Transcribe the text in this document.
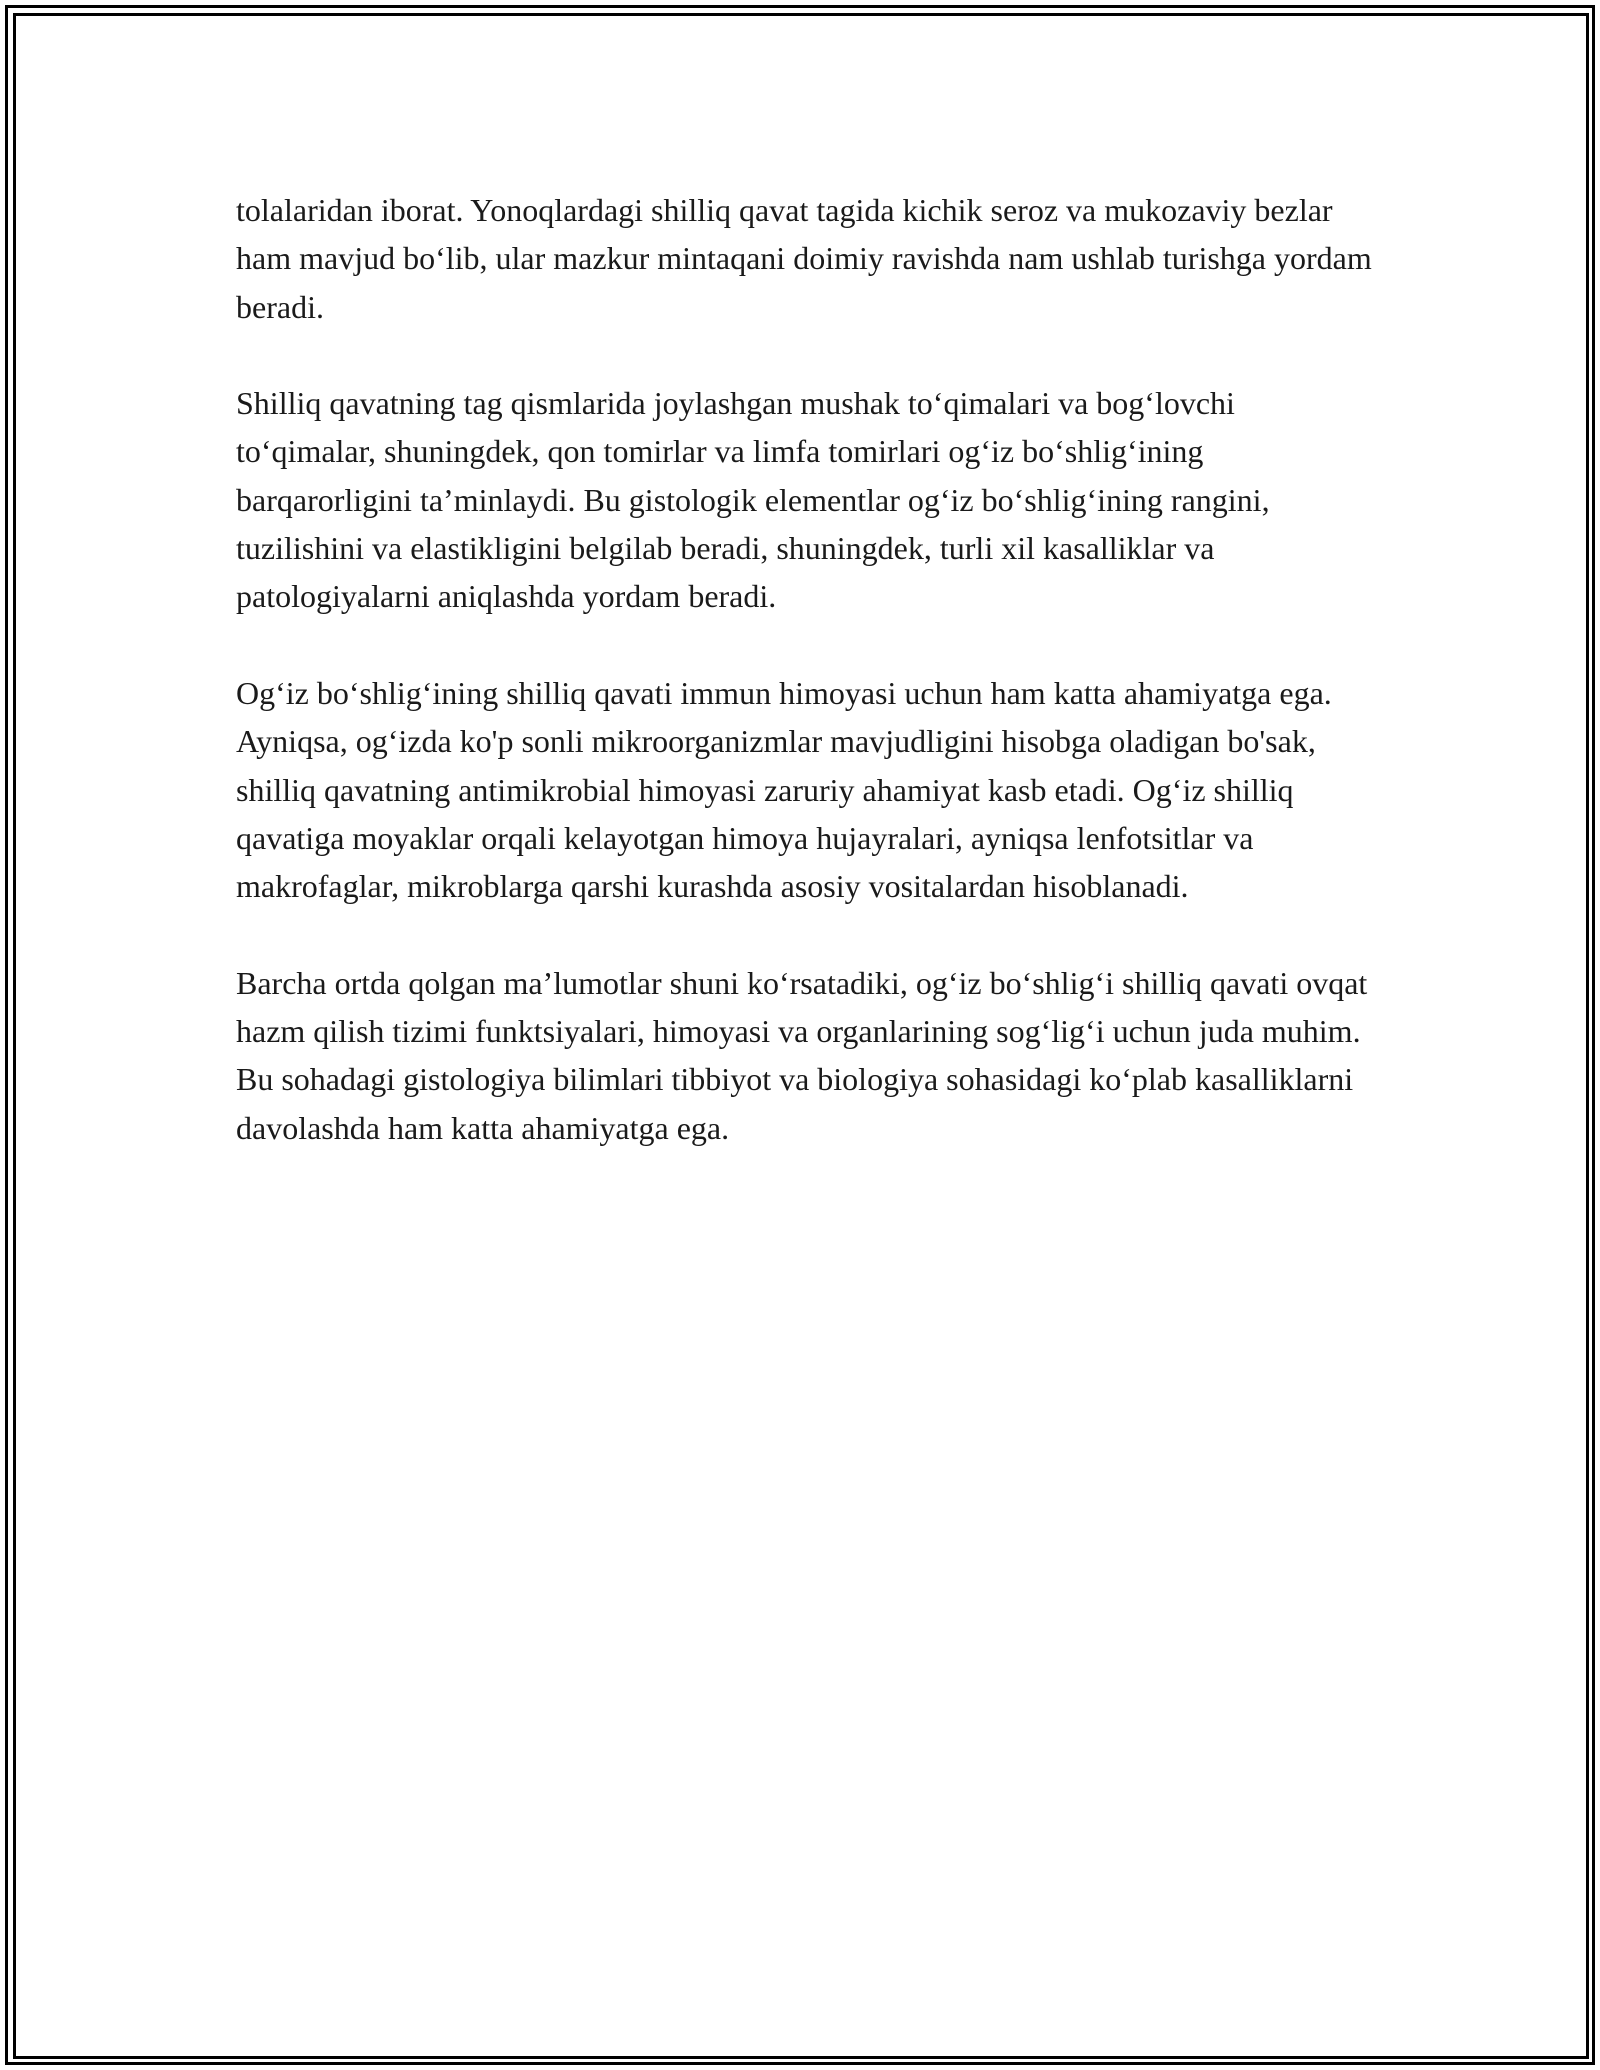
tolalaridan iborat. Yonoqlardagi shilliq qavat tagida kichik seroz va mukozaviy bezlar ham mavjud bo‘lib, ular mazkur mintaqani doimiy ravishda nam ushlab turishga yordam beradi.

Shilliq qavatning tag qismlarida joylashgan mushak to‘qimalari va bog‘lovchi to‘qimalar, shuningdek, qon tomirlar va limfa tomirlari og‘iz bo‘shlig‘ining barqarorligini ta’minlaydi. Bu gistologik elementlar og‘iz bo‘shlig‘ining rangini, tuzilishini va elastikligini belgilab beradi, shuningdek, turli xil kasalliklar va patologiyalarni aniqlashda yordam beradi.

Og‘iz bo‘shlig‘ining shilliq qavati immun himoyasi uchun ham katta ahamiyatga ega. Ayniqsa, og‘izda ko'p sonli mikroorganizmlar mavjudligini hisobga oladigan bo'sak, shilliq qavatning antimikrobial himoyasi zaruriy ahamiyat kasb etadi. Og‘iz shilliq qavatiga moyaklar orqali kelayotgan himoya hujayralari, ayniqsa lenfotsitlar va makrofaglar, mikroblarga qarshi kurashda asosiy vositalardan hisoblanadi.

Barcha ortda qolgan ma’lumotlar shuni ko‘rsatadiki, og‘iz bo‘shlig‘i shilliq qavati ovqat hazm qilish tizimi funktsiyalari, himoyasi va organlarining sog‘lig‘i uchun juda muhim. Bu sohadagi gistologiya bilimlari tibbiyot va biologiya sohasidagi ko‘plab kasalliklarni davolashda ham katta ahamiyatga ega.
